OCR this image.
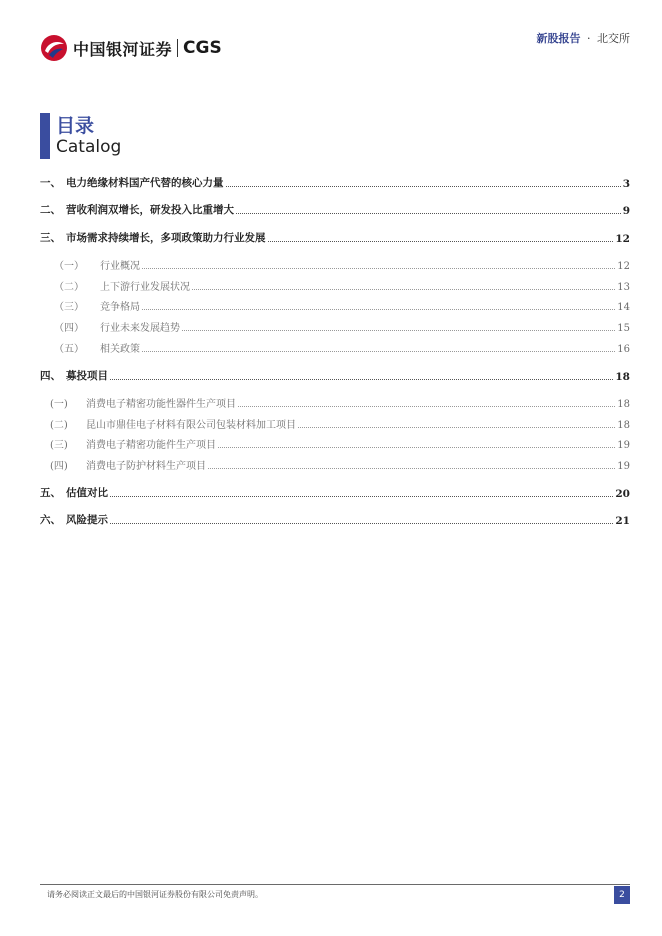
中国银河证券 CGS	新股报告 · 北交所
目录
Catalog
一、 电力绝缘材料国产代替的核心力量	3
二、 营收利润双增长，研发投入比重增大	9
三、 市场需求持续增长，多项政策助力行业发展	12
（一）	行业概况	12
（二）	上下游行业发展状况	13
（三）	竞争格局	14
（四）	行业未来发展趋势	15
（五）	相关政策	16
四、 募投项目	18
(一)	消费电子精密功能性器件生产项目	18
(二)	昆山市鼎佳电子材料有限公司包装材料加工项目	18
(三)	消费电子精密功能件生产项目	19
(四)	消费电子防护材料生产项目	19
五、 估值对比	20
六、 风险提示	21
请务必阅读正文最后的中国银河证券股份有限公司免责声明。	2
